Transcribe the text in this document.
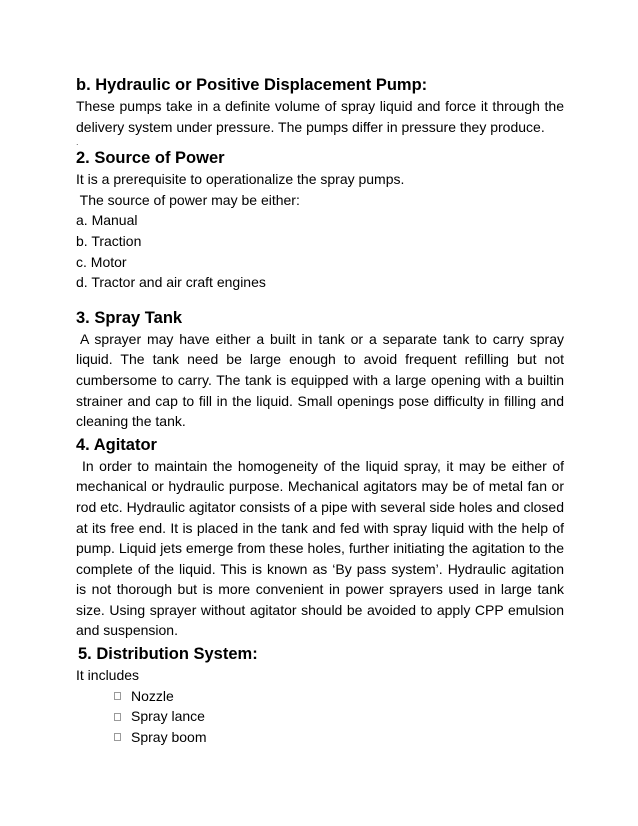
b. Hydraulic or Positive Displacement Pump:

These pumps take in a definite volume of spray liquid and force it through the delivery system under pressure. The pumps differ in pressure they produce.

.
2. Source of Power
It is a prerequisite to operationalize the spray pumps.
The source of power may be either:
a. Manual
b. Traction
c. Motor
d. Tractor and air craft engines
3. Spray Tank

A sprayer may have either a built in tank or a separate tank to carry spray liquid. The tank need be large enough to avoid frequent refilling but not cumbersome to carry. The tank is equipped with a large opening with a builtin strainer and cap to fill in the liquid. Small openings pose difficulty in filling and cleaning the tank.

4. Agitator

In order to maintain the homogeneity of the liquid spray, it may be either of mechanical or hydraulic purpose. Mechanical agitators may be of metal fan or rod etc. Hydraulic agitator consists of a pipe with several side holes and closed at its free end. It is placed in the tank and fed with spray liquid with the help of pump. Liquid jets emerge from these holes, further initiating the agitation to the complete of the liquid. This is known as ‘By pass system’. Hydraulic agitation is not thorough but is more convenient in power sprayers used in large tank size. Using sprayer without agitator should be avoided to apply CPP emulsion and suspension.

5. Distribution System:
It includes
Nozzle
Spray lance
Spray boom
